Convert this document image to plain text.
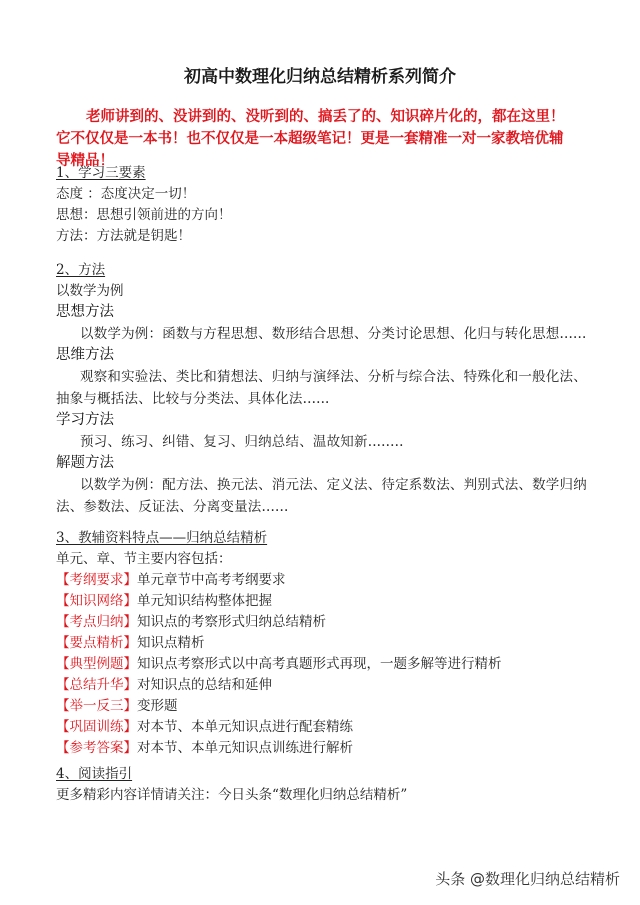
初高中数理化归纳总结精析系列简介
老师讲到的、没讲到的、没听到的、搞丢了的、知识碎片化的，都在这里！
它不仅仅是一本书！也不仅仅是一本超级笔记！更是一套精准一对一家教培优辅
导精品！
1、学习三要素
态度 ：态度决定一切！
思想：思想引领前进的方向！
方法：方法就是钥匙！
2、方法
以数学为例
思想方法
以数学为例：函数与方程思想、数形结合思想、分类讨论思想、化归与转化思想......
思维方法
观察和实验法、类比和猜想法、归纳与演绎法、分析与综合法、特殊化和一般化法、抽象与概括法、比较与分类法、具体化法......
学习方法
预习、练习、纠错、复习、归纳总结、温故知新........
解题方法
以数学为例：配方法、换元法、消元法、定义法、待定系数法、判别式法、数学归纳法、参数法、反证法、分离变量法......
3、教辅资料特点——归纳总结精析
单元、章、节主要内容包括：
【考纲要求】单元章节中高考考纲要求
【知识网络】单元知识结构整体把握
【考点归纳】知识点的考察形式归纳总结精析
【要点精析】知识点精析
【典型例题】知识点考察形式以中高考真题形式再现，一题多解等进行精析
【总结升华】对知识点的总结和延伸
【举一反三】变形题
【巩固训练】对本节、本单元知识点进行配套精练
【参考答案】对本节、本单元知识点训练进行解析
4、阅读指引
更多精彩内容详情请关注：今日头条“数理化归纳总结精析”
头条 @数理化归纳总结精析
